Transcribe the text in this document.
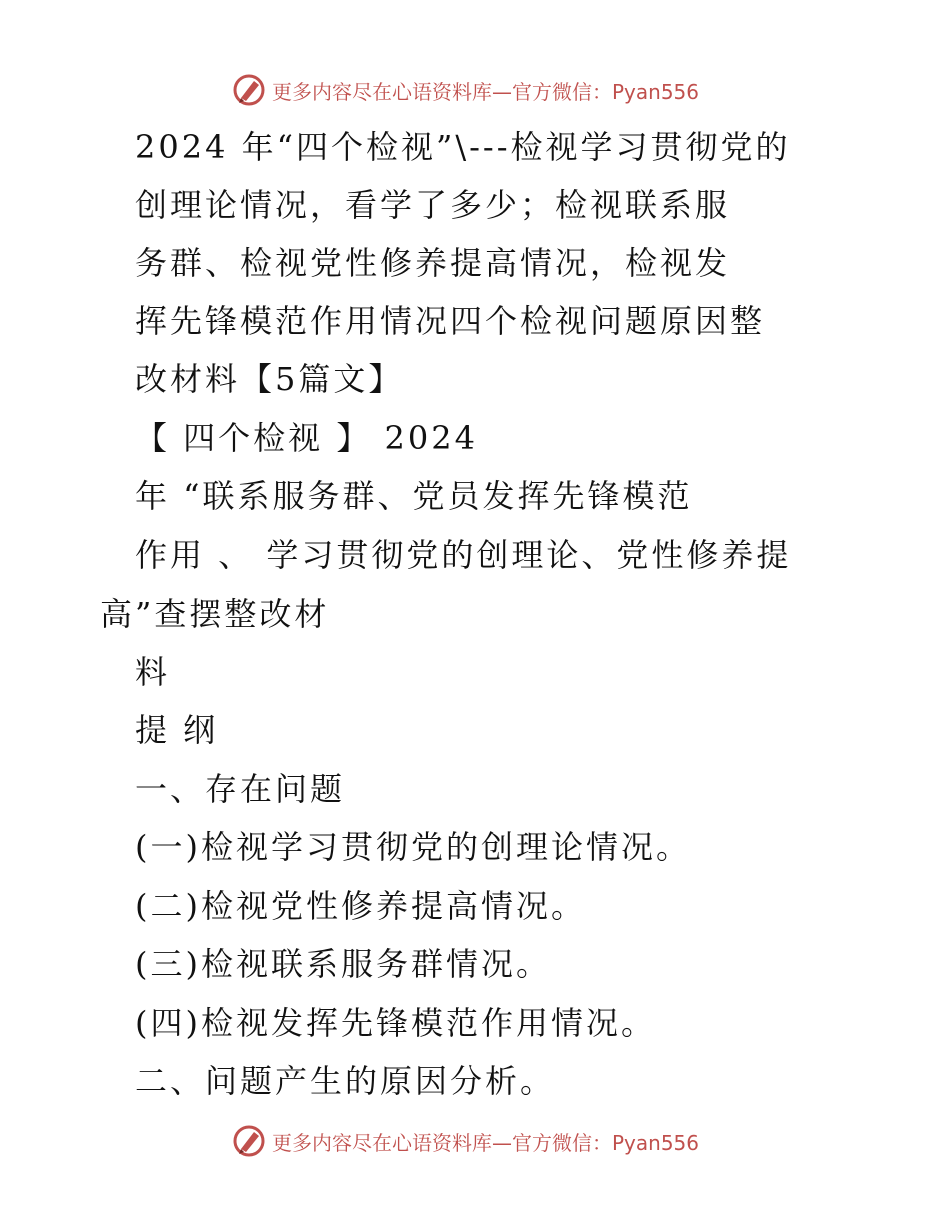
更多内容尽在心语资料库—官方微信：Pyan556
2024 年“四个检视”\---检视学习贯彻党的
创理论情况，看学了多少；检视联系服
务群、检视党性修养提高情况，检视发
挥先锋模范作用情况四个检视问题原因整
改材料【5篇文】
【 四个检视 】 2024
年 “联系服务群、党员发挥先锋模范
作用 、 学习贯彻党的创理论、党性修养提
高”查摆整改材
料
提 纲
一、存在问题
(一)检视学习贯彻党的创理论情况。
(二)检视党性修养提高情况。
(三)检视联系服务群情况。
(四)检视发挥先锋模范作用情况。
二、问题产生的原因分析。
更多内容尽在心语资料库—官方微信：Pyan556
